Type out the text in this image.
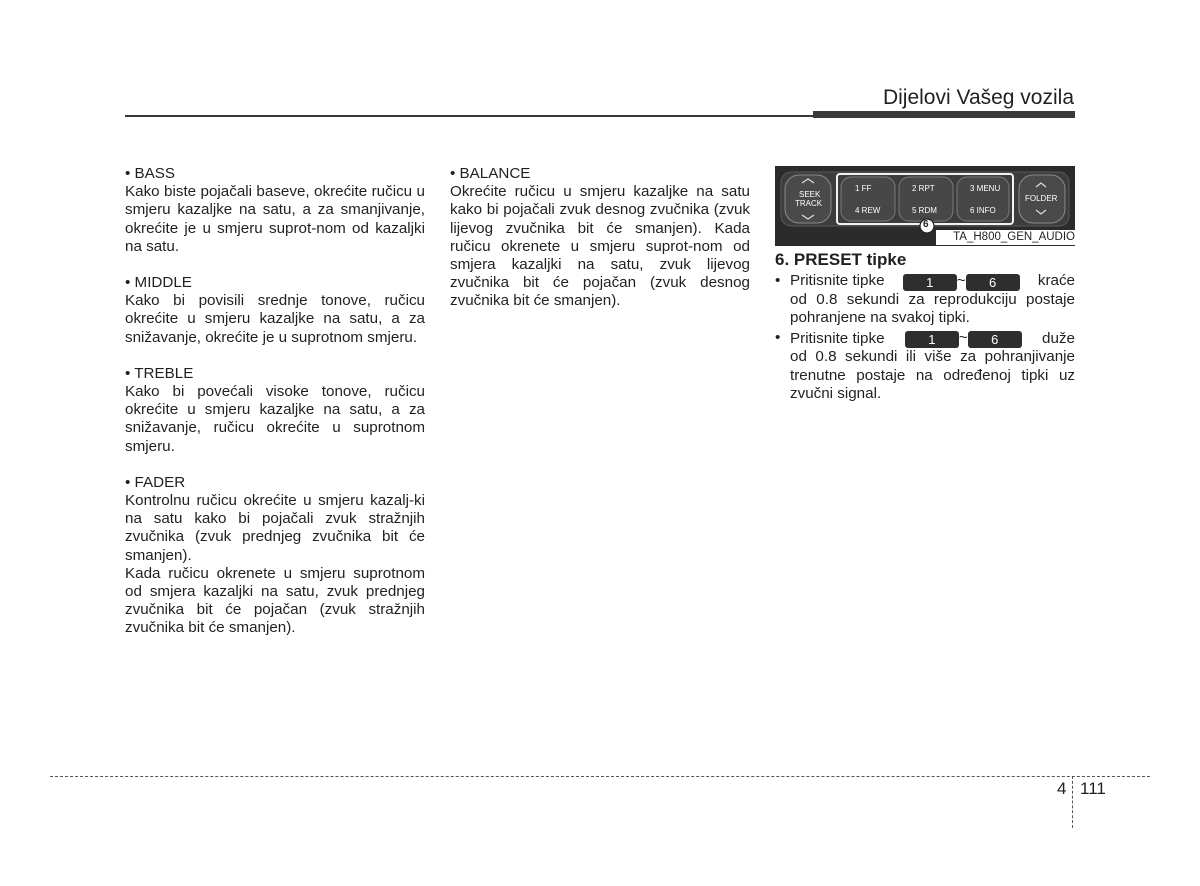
Dijelovi Vašeg vozila

• BASS

Kako biste pojačali baseve, okrećite ručicu u smjeru kazaljke na satu, a za smanjivanje, okrećite je u smjeru suprot-nom od kazaljki na satu.

• MIDDLE

Kako bi povisili srednje tonove, ručicu okrećite u smjeru kazaljke na satu, a za snižavanje, okrećite je u suprotnom smjeru.

• TREBLE

Kako bi povećali visoke tonove, ručicu okrećite u smjeru kazaljke na satu, a za snižavanje, ručicu okrećite u suprotnom smjeru.

• FADER

Kontrolnu ručicu okrećite u smjeru kazalj-ki na satu kako bi pojačali zvuk stražnjih zvučnika (zvuk prednjeg zvučnika bit će smanjen).

Kada ručicu okrenete u smjeru suprotnom od smjera kazaljki na satu, zvuk prednjeg zvučnika bit će pojačan (zvuk stražnjih zvučnika bit će smanjen).

• BALANCE

Okrećite ručicu u smjeru kazaljke na satu kako bi pojačali zvuk desnog zvučnika (zvuk lijevog zvučnika bit će smanjen). Kada ručicu okrenete u smjeru suprot-nom od smjera kazaljki na satu, zvuk lijevog zvučnika bit će pojačan (zvuk desnog zvučnika bit će smanjen).

SEEK
TRACK
1 FF
4 REW
2 RPT
5 RDM
3 MENU
6 INFO
FOLDER
6
TA_H800_GEN_AUDIO
6. PRESET tipke
• Pritisnite tipke	1 ~ 6	kraće
od 0.8 sekundi za reprodukciju postaje pohranjene na svakoj tipki.
• Pritisnite tipke	1 ~ 6	duže
od 0.8 sekundi ili više za pohranjivanje trenutne postaje na određenoj tipki uz zvučni signal.
4 111
